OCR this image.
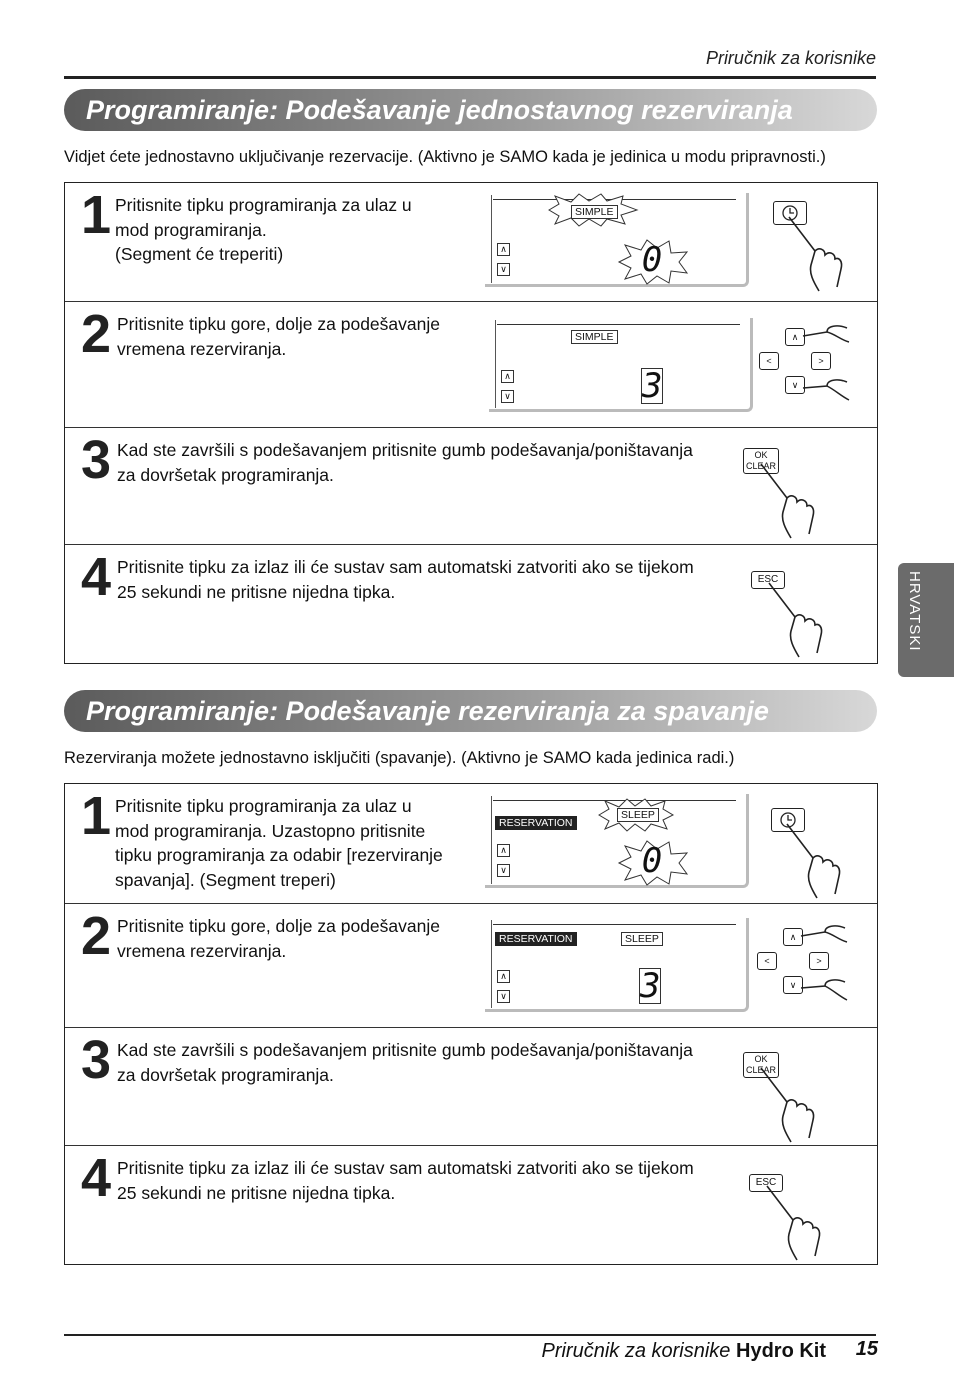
Priručnik za korisnike
Programiranje: Podešavanje jednostavnog rezerviranja
Vidjet ćete jednostavno uključivanje rezervacije. (Aktivno je SAMO kada je jedinica u modu pripravnosti.)
1 Pritisnite tipku programiranja za ulaz u
mod programiranja.
(Segment će treperiti)
SIMPLE
∧
∨	0
2 Pritisnite tipku gore, dolje za podešavanje
vremena rezerviranja.
SIMPLE
∧
∨	3
∧
<	>
∨
3 Kad ste završili s podešavanjem pritisnite gumb podešavanja/poništavanja
za dovršetak programiranja.
OK
CLEAR
4 Pritisnite tipku za izlaz ili će sustav sam automatski zatvoriti ako se tijekom
25 sekundi ne pritisne nijedna tipka.
ESC
Programiranje: Podešavanje rezerviranja za spavanje
Rezerviranja možete jednostavno isključiti (spavanje). (Aktivno je SAMO kada jedinica radi.)
1 Pritisnite tipku programiranja za ulaz u
mod programiranja. Uzastopno pritisnite
tipku programiranja za odabir [rezerviranje
spavanja]. (Segment treperi)
RESERVATION
SLEEP
∧
∨	0
2 Pritisnite tipku gore, dolje za podešavanje
vremena rezerviranja.
RESERVATION	SLEEP
∧
∨	3
∧
<	>
∨
3 Kad ste završili s podešavanjem pritisnite gumb podešavanja/poništavanja
za dovršetak programiranja.
OK
CLEAR
4 Pritisnite tipku za izlaz ili će sustav sam automatski zatvoriti ako se tijekom
25 sekundi ne pritisne nijedna tipka.	ESC
HRVATSKI
Priručnik za korisnike Hydro Kit 15
